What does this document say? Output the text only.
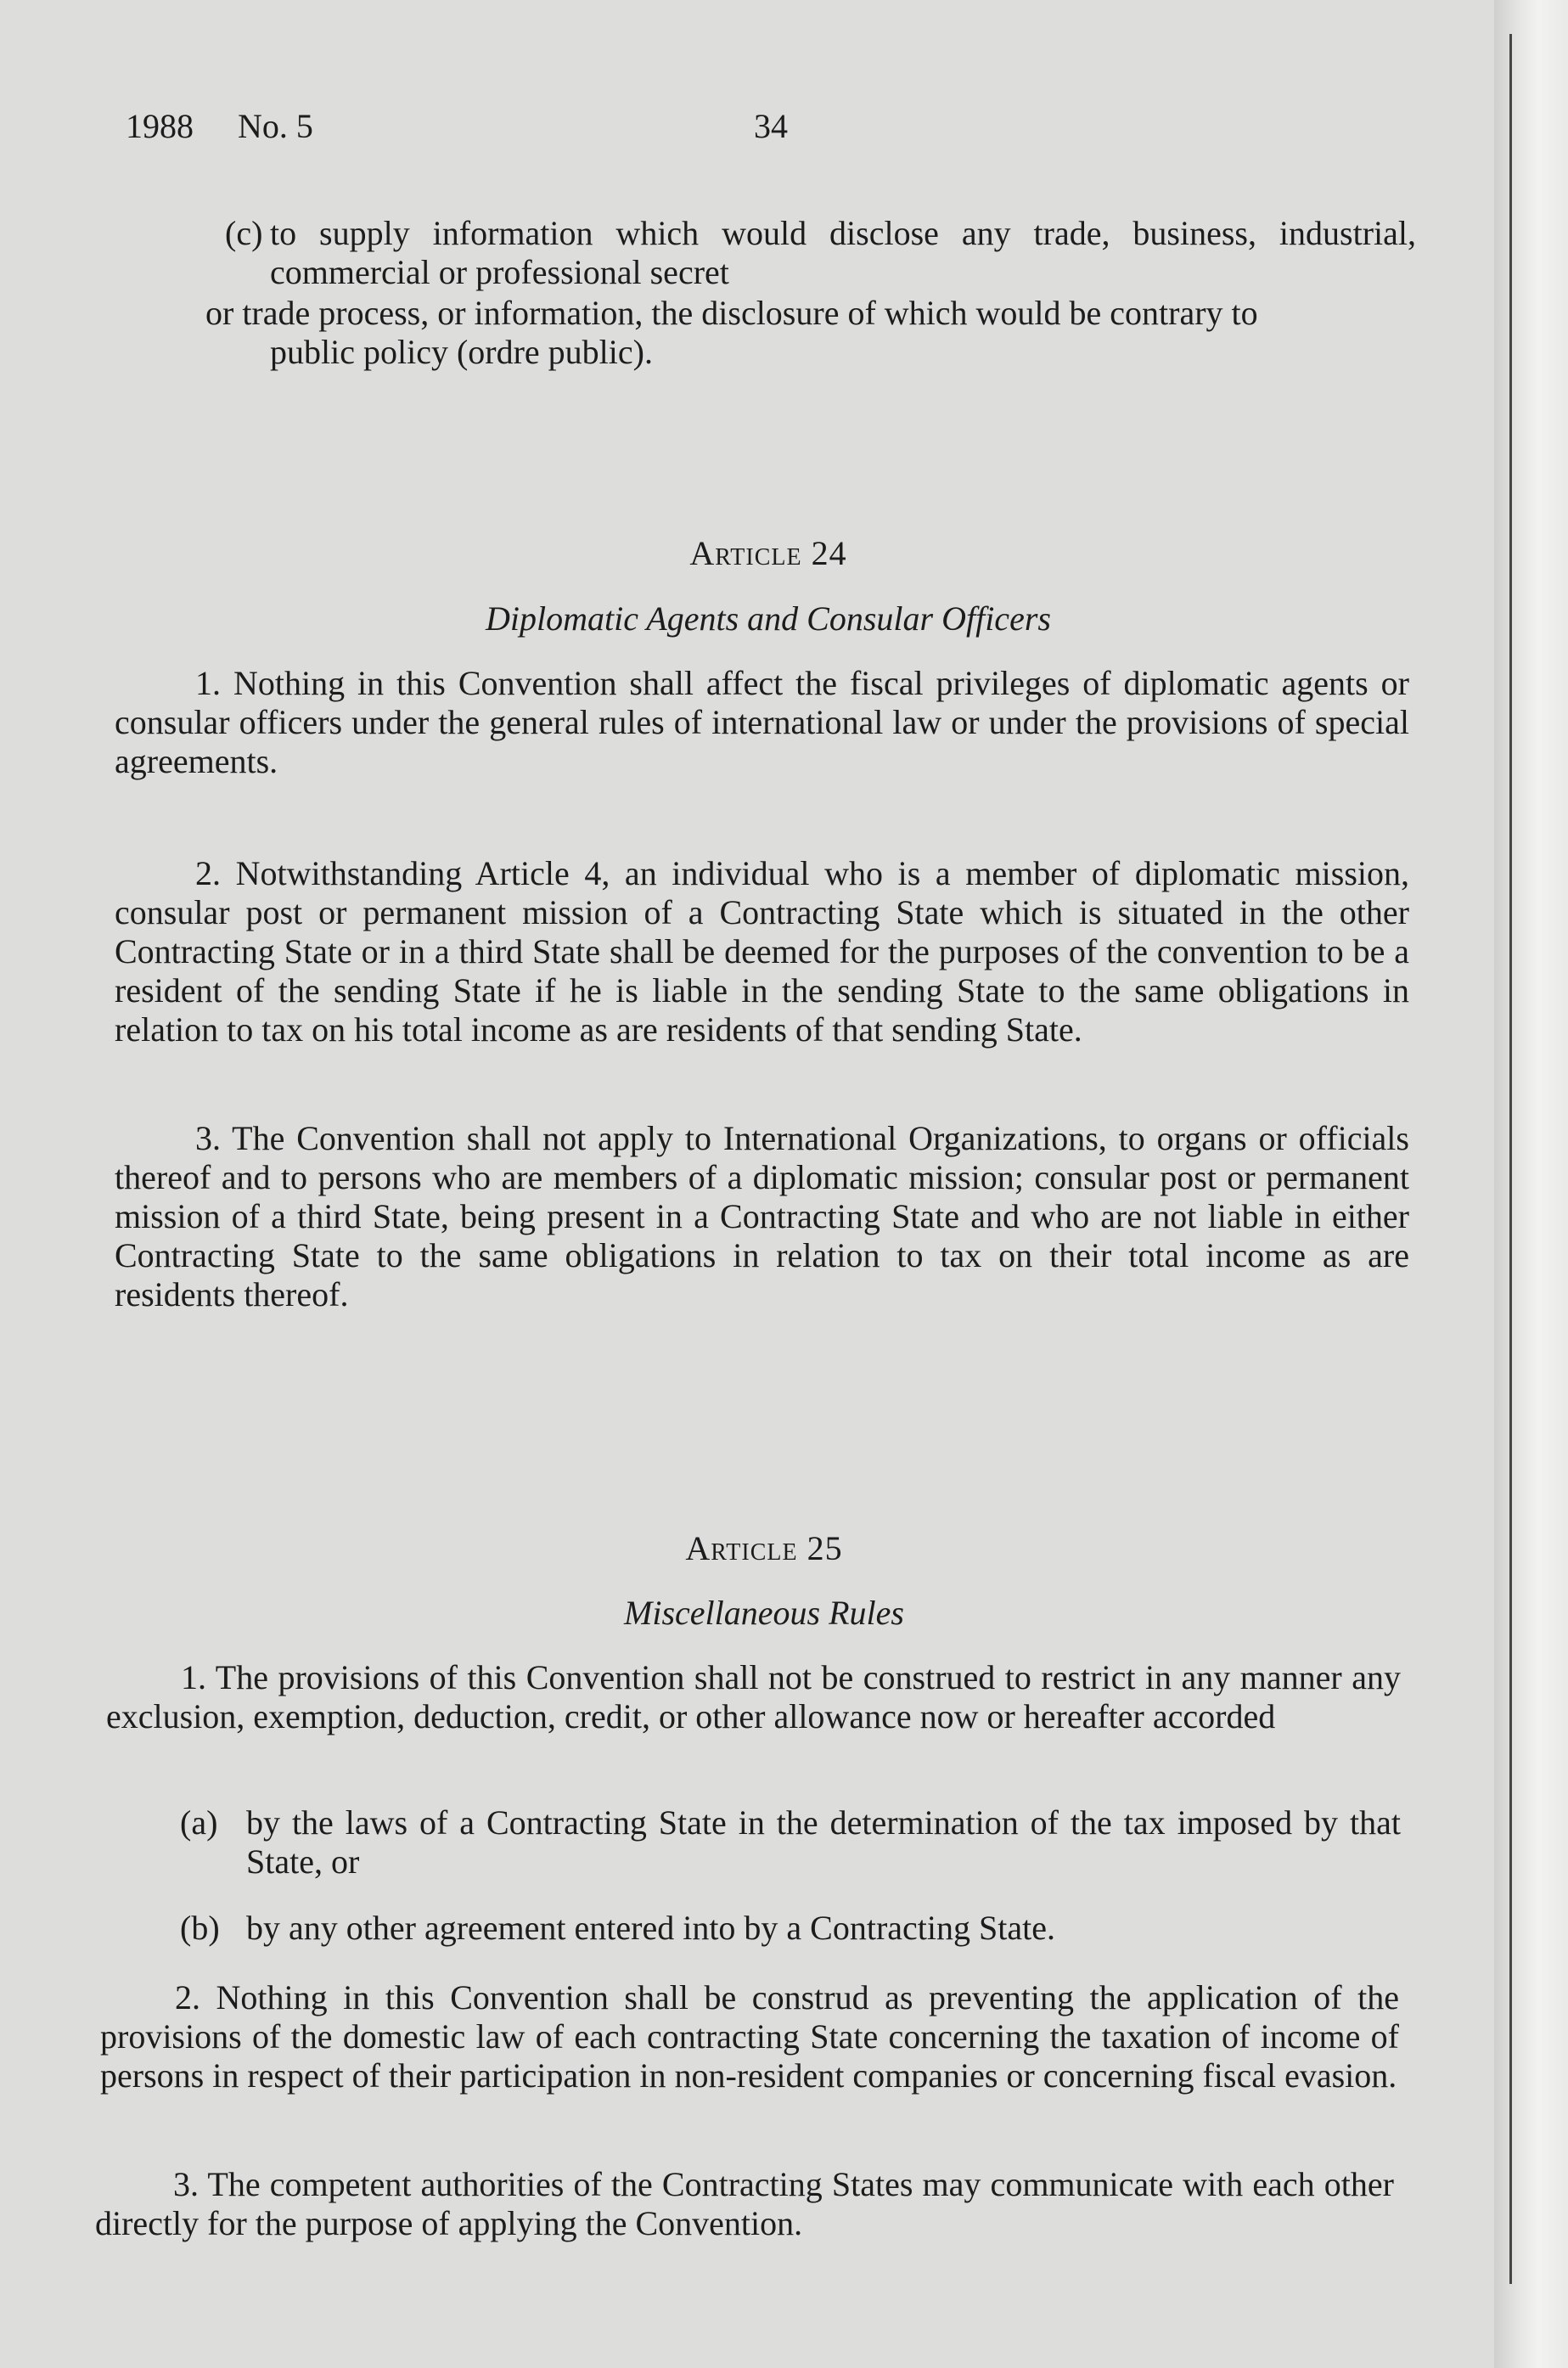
1988 No. 5	34
(c) to supply information which would disclose any trade, business, industrial, commercial or professional secret

or trade process, or information, the disclosure of which would be contrary to

public policy (ordre public).

Article 24
Diplomatic Agents and Consular Officers

1. Nothing in this Convention shall affect the fiscal privileges of diplomatic agents or consular officers under the general rules of international law or under the provisions of special agreements.

2. Notwithstanding Article 4, an individual who is a member of diplomatic mission, consular post or permanent mission of a Contracting State which is situated in the other Contracting State or in a third State shall be deemed for the purposes of the convention to be a resident of the sending State if he is liable in the sending State to the same obligations in relation to tax on his total income as are residents of that sending State.

3. The Convention shall not apply to International Organizations, to organs or officials thereof and to persons who are members of a diplomatic mission; consular post or permanent mission of a third State, being present in a Contracting State and who are not liable in either Contracting State to the same obligations in relation to tax on their total income as are residents thereof.

Article 25
Miscellaneous Rules

1. The provisions of this Convention shall not be construed to restrict in any manner any exclusion, exemption, deduction, credit, or other allowance now or hereafter accorded

(a) by the laws of a Contracting State in the determination of the tax imposed by that State, or

(b) by any other agreement entered into by a Contracting State.

2. Nothing in this Convention shall be construd as preventing the application of the provisions of the domestic law of each contracting State concerning the taxation of income of persons in respect of their participation in non-resident companies or concerning fiscal evasion.

3. The competent authorities of the Contracting States may communicate with each other directly for the purpose of applying the Convention.
